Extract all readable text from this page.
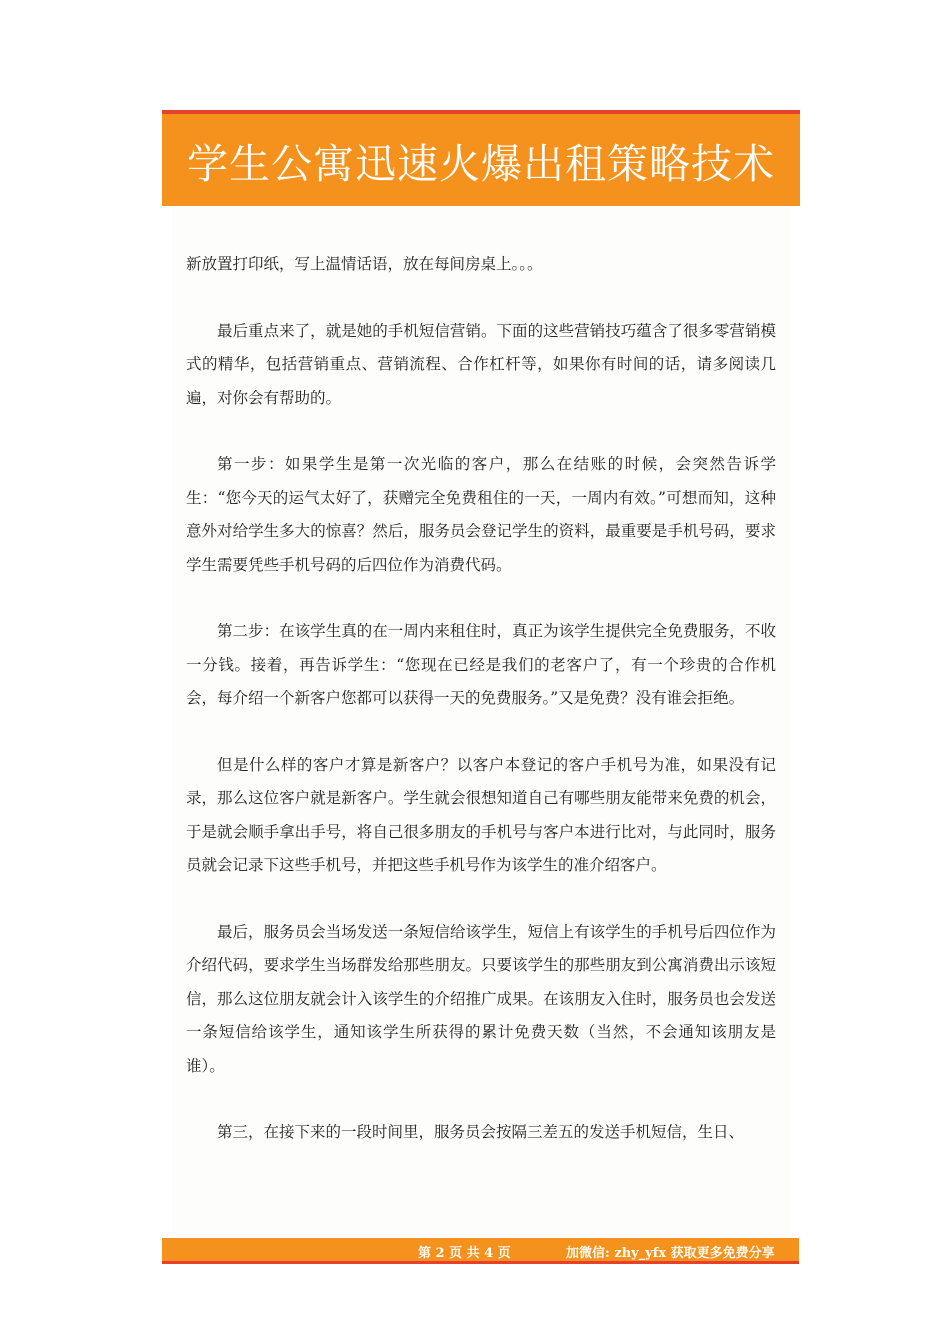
学生公寓迅速火爆出租策略技术

新放置打印纸，写上温情话语，放在每间房桌上。。。

最后重点来了，就是她的手机短信营销。下面的这些营销技巧蕴含了很多零营销模式的精华，包括营销重点、营销流程、合作杠杆等，如果你有时间的话，请多阅读几遍，对你会有帮助的。

第一步：如果学生是第一次光临的客户，那么在结账的时候，会突然告诉学生：“您今天的运气太好了，获赠完全免费租住的一天，一周内有效。”可想而知，这种意外对给学生多大的惊喜？然后，服务员会登记学生的资料，最重要是手机号码，要求学生需要凭些手机号码的后四位作为消费代码。

第二步：在该学生真的在一周内来租住时，真正为该学生提供完全免费服务，不收一分钱。接着，再告诉学生：“您现在已经是我们的老客户了，有一个珍贵的合作机会，每介绍一个新客户您都可以获得一天的免费服务。”又是免费？没有谁会拒绝。

但是什么样的客户才算是新客户？以客户本登记的客户手机号为准，如果没有记录，那么这位客户就是新客户。学生就会很想知道自己有哪些朋友能带来免费的机会，于是就会顺手拿出手号，将自己很多朋友的手机号与客户本进行比对，与此同时，服务员就会记录下这些手机号，并把这些手机号作为该学生的准介绍客户。

最后，服务员会当场发送一条短信给该学生，短信上有该学生的手机号后四位作为介绍代码，要求学生当场群发给那些朋友。只要该学生的那些朋友到公寓消费出示该短信，那么这位朋友就会计入该学生的介绍推广成果。在该朋友入住时，服务员也会发送一条短信给该学生，通知该学生所获得的累计免费天数（当然，不会通知该朋友是谁）。

第三，在接下来的一段时间里，服务员会按隔三差五的发送手机短信，生日、

第 2 页 共 4 页	加微信: zhy_yfx 获取更多免费分享
